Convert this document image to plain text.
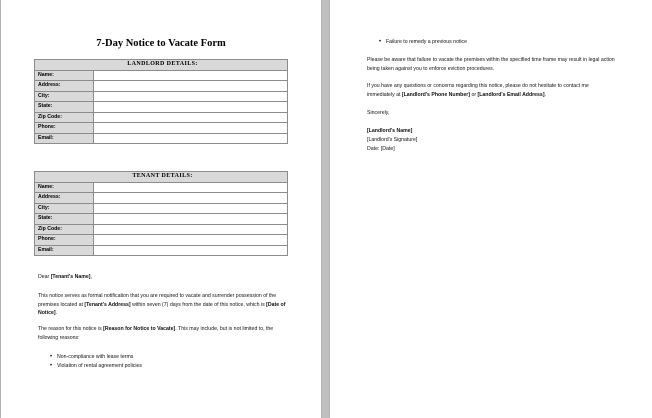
7-Day Notice to Vacate Form
LANDLORD DETAILS:	
Name:	
Address:	
City:	
State:	
Zip Code:	
Phone:	
Email:	
TENANT DETAILS:	
Name:	
Address:	
City:	
State:	
Zip Code:	
Phone:	
Email:	

Dear [Tenant's Name],

This notice serves as formal notification that you are required to vacate and surrender possession of the premises located at [Tenant's Address] within seven (7) days from the date of this notice, which is [Date of Notice].

The reason for this notice is [Reason for Notice to Vacate]. This may include, but is not limited to, the following reasons:

• Non-compliance with lease terms
• Violation of rental agreement policies
• Failure to remedy a previous notice

Please be aware that failure to vacate the premises within the specified time frame may result in legal action being taken against you to enforce eviction procedures.

If you have any questions or concerns regarding this notice, please do not hesitate to contact me immediately at [Landlord's Phone Number] or [Landlord's Email Address].

Sincerely,

[Landlord's Name]

[Landlord's Signature]

Date: [Date]
